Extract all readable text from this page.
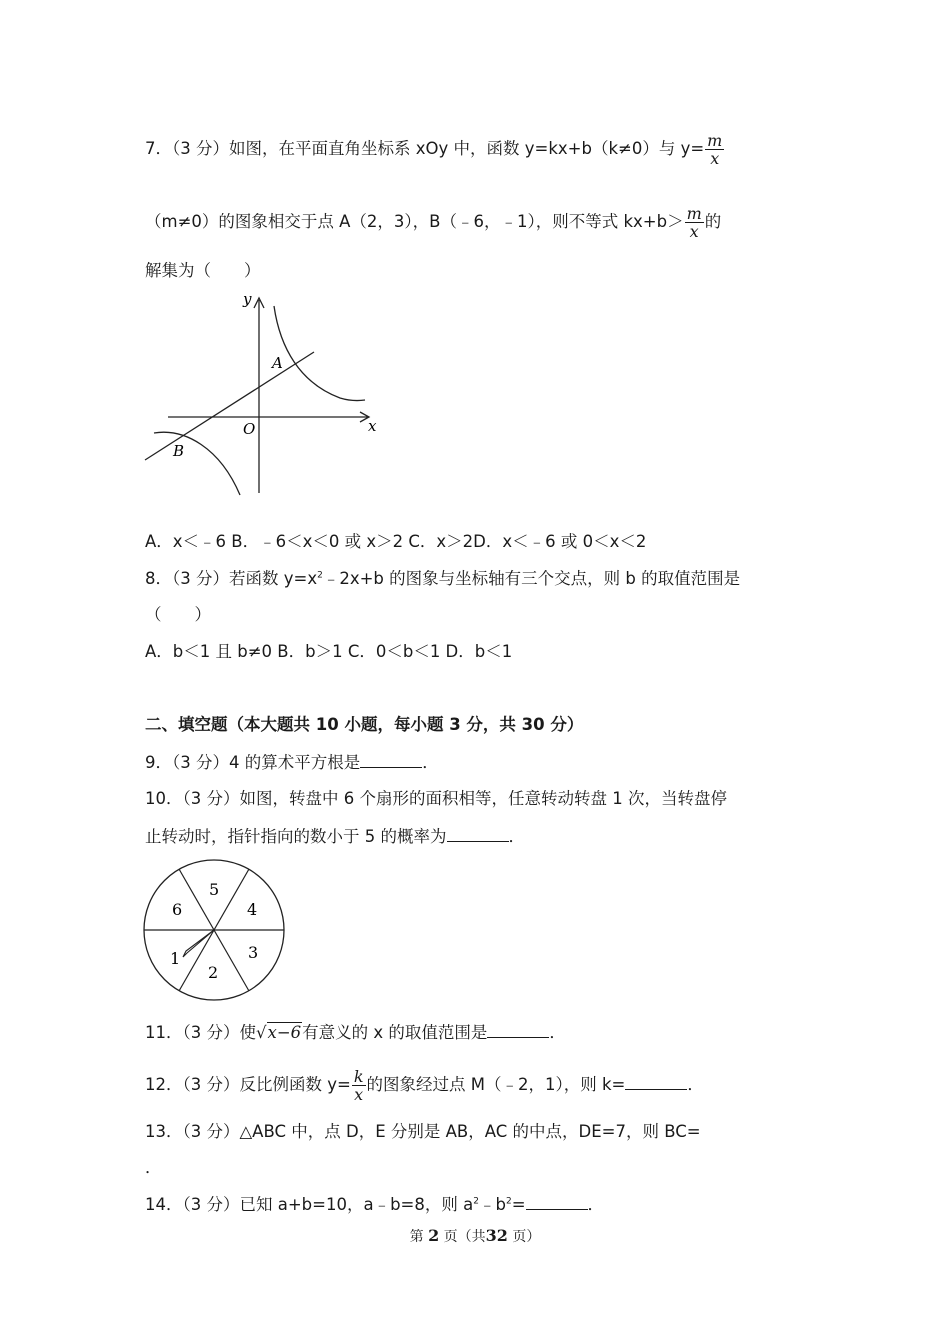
7．（3 分）如图，在平面直角坐标系 xOy 中，函数 y=kx+b（k≠0）与 $y= \frac{m}{x}$
（m≠0）的图象相交于点 A（2，3），B（﹣6，﹣1），则不等式 $kx+b> \frac{m}{x}$ 的
解集为（　　）
y
x
O
A
B
A．x＜﹣6 B．﹣6＜x＜0 或 x＞2 C．x＞2D．x＜﹣6 或 0＜x＜2
8．（3 分）若函数 $y=x^2﹣2x+b$ 的图象与坐标轴有三个交点，则 b 的取值范围是
（　　）
A．b＜1 且 b≠0 B．b＞1 C．0＜b＜1 D．b＜1
二、填空题（本大题共 10 小题，每小题 3 分，共 30 分）
9．（3 分）4 的算术平方根是	．
10．（3 分）如图，转盘中 6 个扇形的面积相等，任意转动转盘 1 次，当转盘停
止转动时，指针指向的数小于 5 的概率为	．
5
4
3
2
1
6
11．（3 分）使√x−6有意义的 x 的取值范围是	．
12．（3 分）反比例函数 $y= \frac{k}{x}$ 的图象经过点 M（﹣2，1），则 k=	．
13．（3 分）△ABC 中，点 D，E 分别是 AB，AC 的中点，DE=7，则 BC=
．
14．（3 分）已知 a+b=10，a﹣b=8，则 $a^2﹣b^2=$	．
第 2 页（共32 页）
